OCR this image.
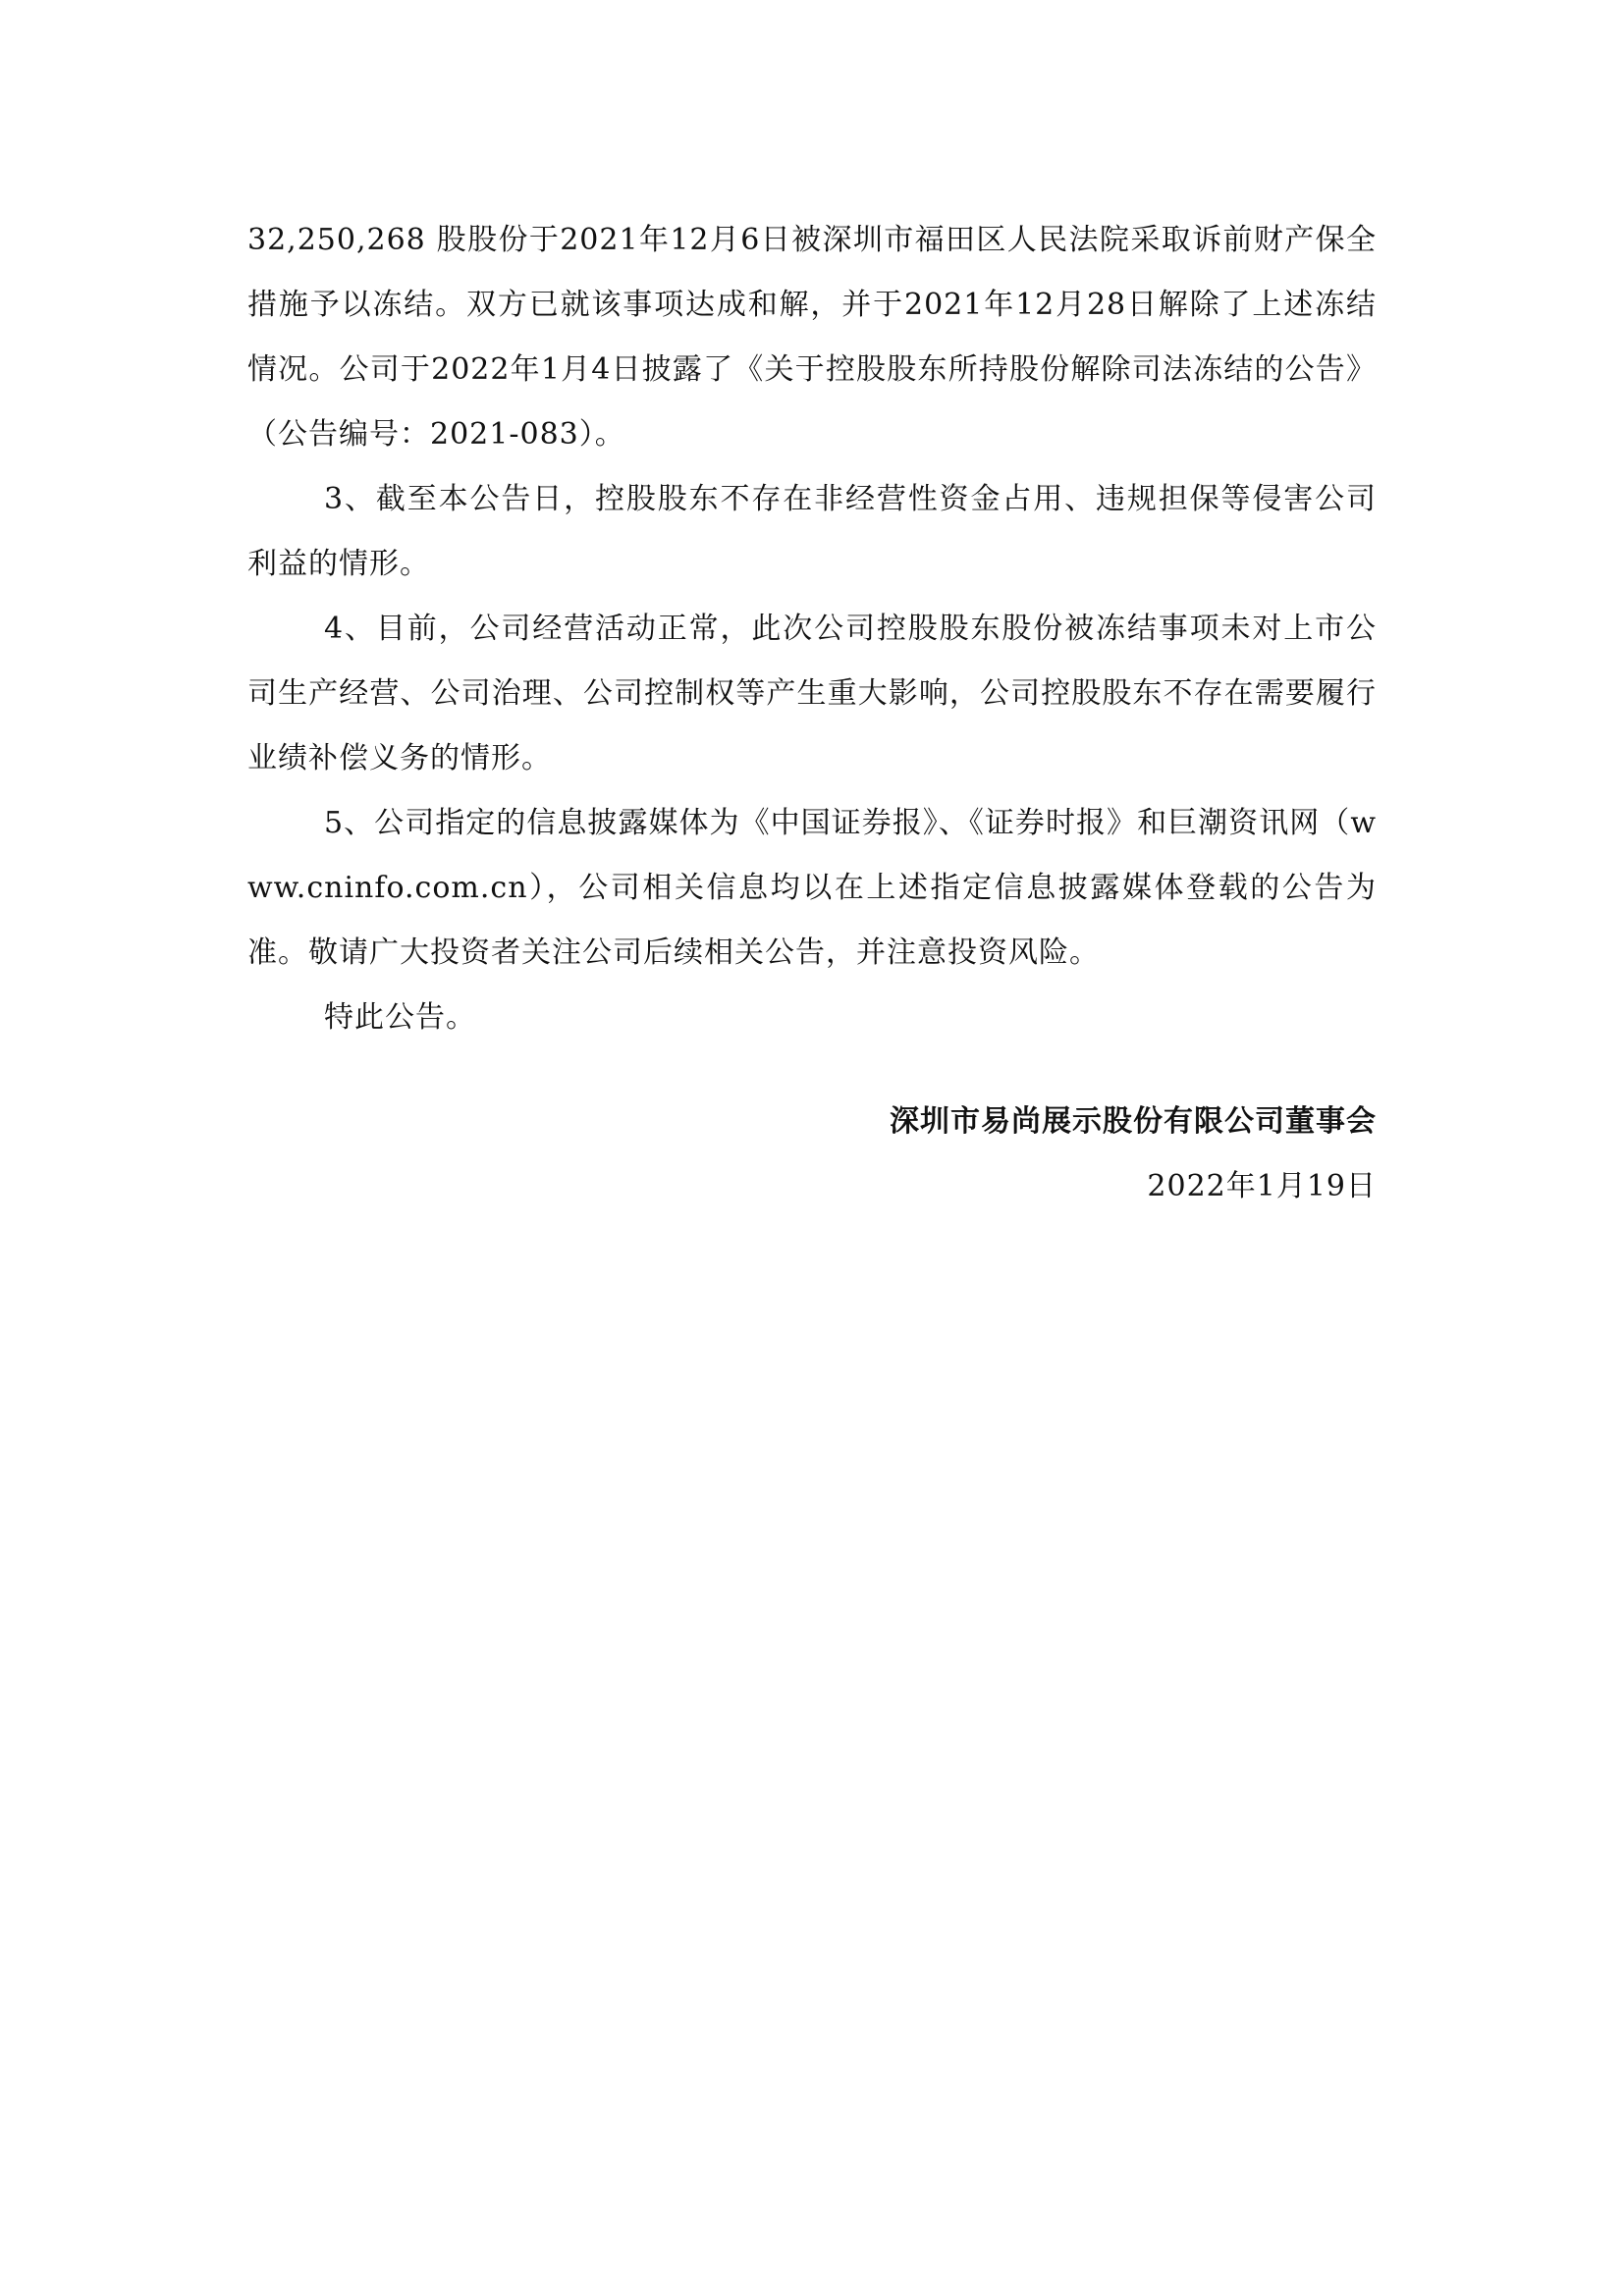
32,250,268 股股份于2021年12月6日被深圳市福田区人民法院采取诉前财产保全措施予以冻结。双方已就该事项达成和解，并于2021年12月28日解除了上述冻结情况。公司于2022年1月4日披露了《关于控股股东所持股份解除司法冻结的公告》（公告编号：2021-083）。

3、截至本公告日，控股股东不存在非经营性资金占用、违规担保等侵害公司利益的情形。

4、目前，公司经营活动正常，此次公司控股股东股份被冻结事项未对上市公司生产经营、公司治理、公司控制权等产生重大影响，公司控股股东不存在需要履行业绩补偿义务的情形。

5、公司指定的信息披露媒体为《中国证券报》、《证券时报》和巨潮资讯网（www.cninfo.com.cn），公司相关信息均以在上述指定信息披露媒体登载的公告为准。敬请广大投资者关注公司后续相关公告，并注意投资风险。

特此公告。

深圳市易尚展示股份有限公司董事会

2022年1月19日
